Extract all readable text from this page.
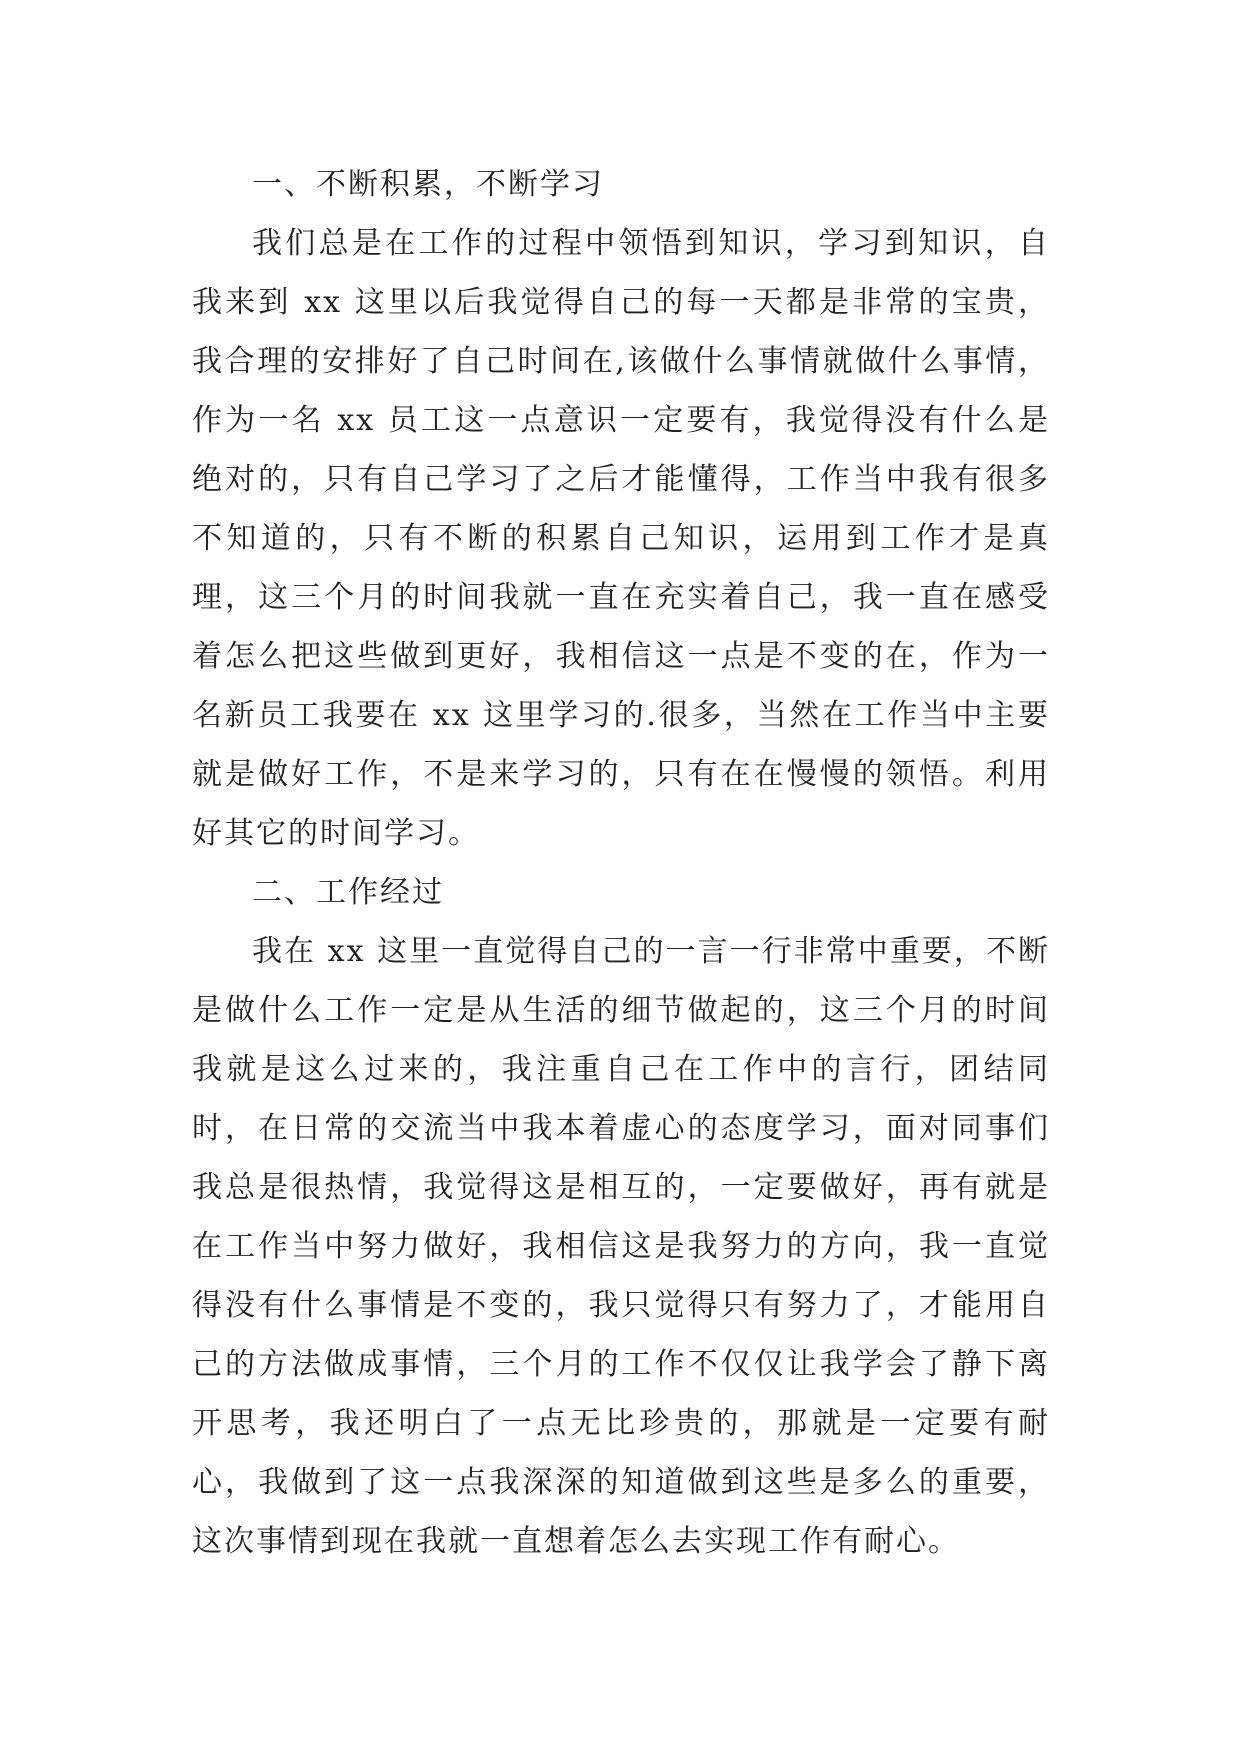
一、不断积累，不断学习

我们总是在工作的过程中领悟到知识，学习到知识，自我来到 xx 这里以后我觉得自己的每一天都是非常的宝贵，我合理的安排好了自己时间在,该做什么事情就做什么事情，作为一名 xx 员工这一点意识一定要有，我觉得没有什么是绝对的，只有自己学习了之后才能懂得，工作当中我有很多不知道的，只有不断的积累自己知识，运用到工作才是真理，这三个月的时间我就一直在充实着自己，我一直在感受着怎么把这些做到更好，我相信这一点是不变的在，作为一名新员工我要在 xx 这里学习的.很多，当然在工作当中主要就是做好工作，不是来学习的，只有在在慢慢的领悟。利用好其它的时间学习。

二、工作经过

我在 xx 这里一直觉得自己的一言一行非常中重要，不断是做什么工作一定是从生活的细节做起的，这三个月的时间我就是这么过来的，我注重自己在工作中的言行，团结同时，在日常的交流当中我本着虚心的态度学习，面对同事们我总是很热情，我觉得这是相互的，一定要做好，再有就是在工作当中努力做好，我相信这是我努力的方向，我一直觉得没有什么事情是不变的，我只觉得只有努力了，才能用自己的方法做成事情，三个月的工作不仅仅让我学会了静下离开思考，我还明白了一点无比珍贵的，那就是一定要有耐心，我做到了这一点我深深的知道做到这些是多么的重要，这次事情到现在我就一直想着怎么去实现工作有耐心。
